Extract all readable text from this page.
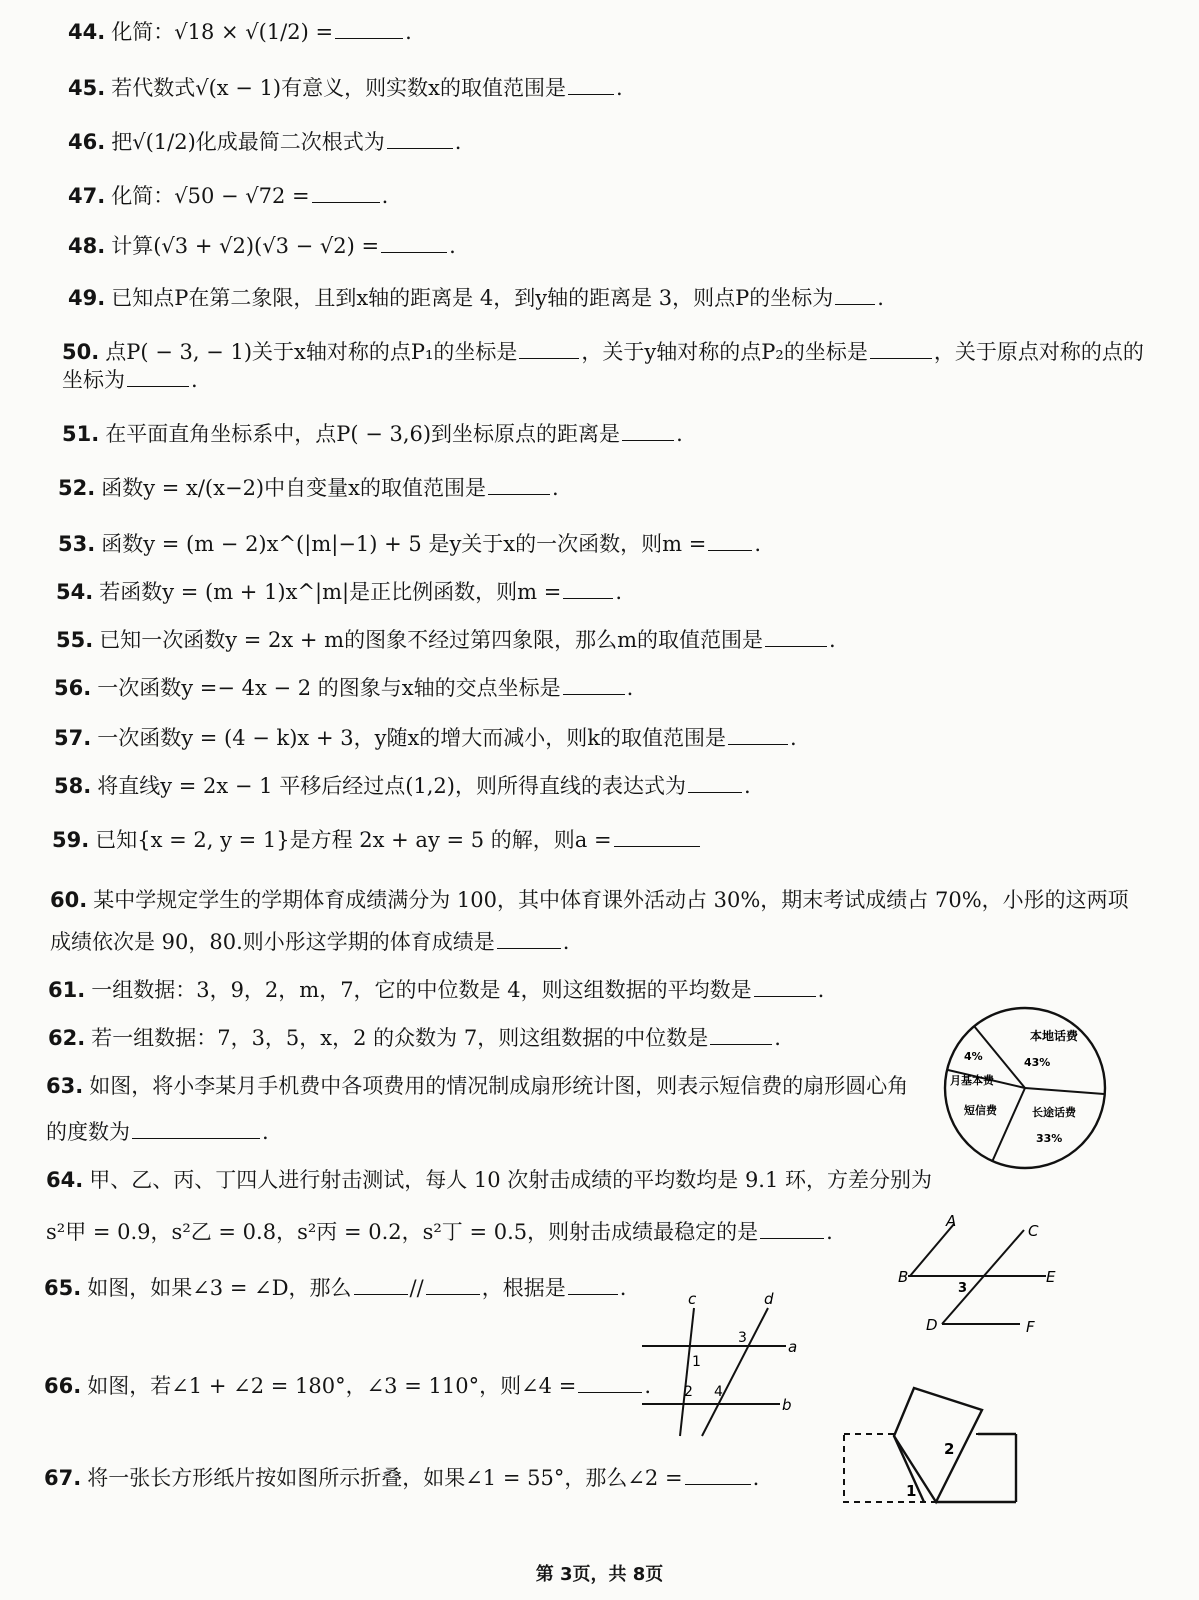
44. 化简：√18 × √(1/2) =	.
45. 若代数式√(x − 1)有意义，则实数x的取值范围是 .
46. 把√(1/2)化成最简二次根式为	.
47. 化简：√50 − √72 =	.
48. 计算(√3 + √2)(√3 − √2) =	.
49. 已知点P在第二象限，且到x轴的距离是 4，到y轴的距离是 3，则点P的坐标为 .
50. 点P( − 3, − 1)关于x轴对称的点P₁的坐标是	，关于y轴对称的点P₂的坐标是	，关于原点对称的点的
坐标为	.
51. 在平面直角坐标系中，点P( − 3,6)到坐标原点的距离是	.
52. 函数y = x/(x−2)中自变量x的取值范围是	.
53. 函数y = (m − 2)x^(|m|−1) + 5 是y关于x的一次函数，则m = .
54. 若函数y = (m + 1)x^|m|是正比例函数，则m =	.
55. 已知一次函数y = 2x + m的图象不经过第四象限，那么m的取值范围是	.
56. 一次函数y =− 4x − 2 的图象与x轴的交点坐标是	.
57. 一次函数y = (4 − k)x + 3，y随x的增大而减小，则k的取值范围是	.
58. 将直线y = 2x − 1 平移后经过点(1,2)，则所得直线的表达式为	.
59. 已知{x = 2, y = 1}是方程 2x + ay = 5 的解，则a =
60. 某中学规定学生的学期体育成绩满分为 100，其中体育课外活动占 30%，期末考试成绩占 70%，小彤的这两项
成绩依次是 90，80.则小彤这学期的体育成绩是	.
61. 一组数据：3，9，2，m，7，它的中位数是 4，则这组数据的平均数是	.
62. 若一组数据：7，3，5，x，2 的众数为 7，则这组数据的中位数是	.
63. 如图，将小李某月手机费中各项费用的情况制成扇形统计图，则表示短信费的扇形圆心角
的度数为	.
64. 甲、乙、丙、丁四人进行射击测试，每人 10 次射击成绩的平均数均是 9.1 环，方差分别为
s²甲 = 0.9，s²乙 = 0.8，s²丙 = 0.2，s²丁 = 0.5，则射击成绩最稳定的是	.
65. 如图，如果∠3 = ∠D，那么	//	，根据是	.
66. 如图，若∠1 + ∠2 = 180°，∠3 = 110°，则∠4 =	.
67. 将一张长方形纸片按如图所示折叠，如果∠1 = 55°，那么∠2 =	.
本地话费
43%
4%
月基本费
短信费	长途话费
33%
A
C
B	E
D	F
3
c	d
a
b
1
2
3
4
2
1
第 3页，共 8页
